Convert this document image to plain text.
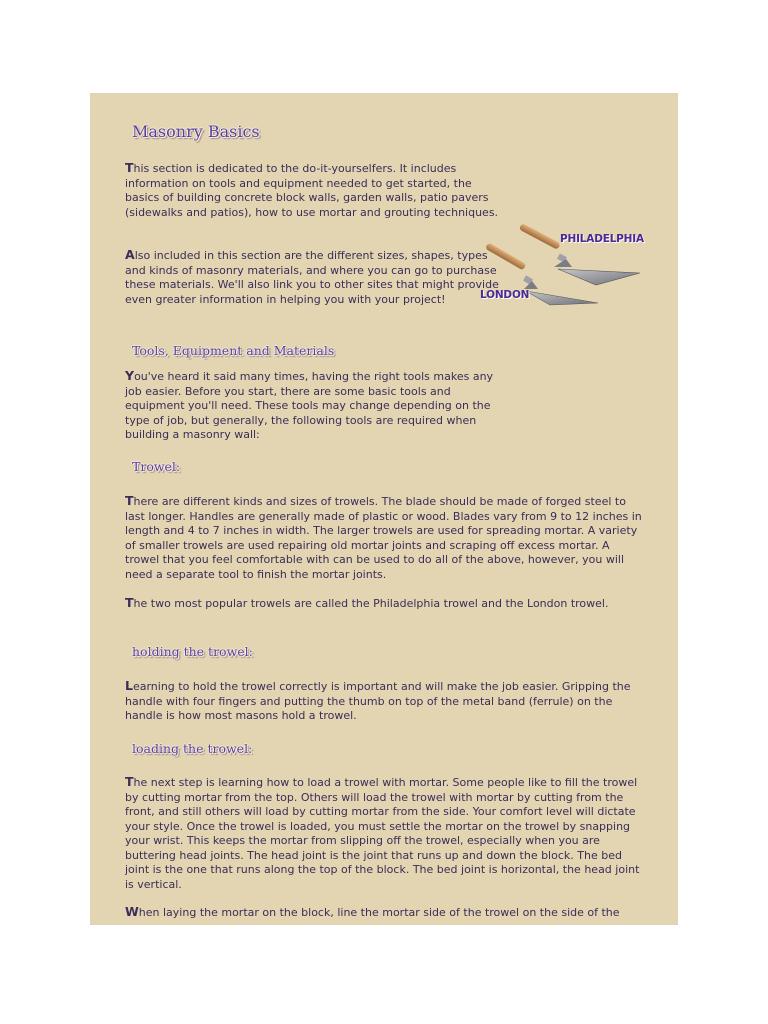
Masonry Basics

This section is dedicated to the do-it-yourselfers. It includes information on tools and equipment needed to get started, the basics of building concrete block walls, garden walls, patio pavers (sidewalks and patios), how to use mortar and grouting techniques.

Also included in this section are the different sizes, shapes, types and kinds of masonry materials, and where you can go to purchase these materials. We'll also link you to other sites that might provide even greater information in helping you with your project!

PHILADELPHIA
LONDON
Tools, Equipment and Materials

You've heard it said many times, having the right tools makes any job easier. Before you start, there are some basic tools and equipment you'll need. These tools may change depending on the type of job, but generally, the following tools are required when building a masonry wall:

Trowel:

There are different kinds and sizes of trowels. The blade should be made of forged steel to last longer. Handles are generally made of plastic or wood. Blades vary from 9 to 12 inches in length and 4 to 7 inches in width. The larger trowels are used for spreading mortar. A variety of smaller trowels are used repairing old mortar joints and scraping off excess mortar. A trowel that you feel comfortable with can be used to do all of the above, however, you will need a separate tool to finish the mortar joints.

The two most popular trowels are called the Philadelphia trowel and the London trowel.

holding the trowel:

Learning to hold the trowel correctly is important and will make the job easier. Gripping the handle with four fingers and putting the thumb on top of the metal band (ferrule) on the handle is how most masons hold a trowel.

loading the trowel:

The next step is learning how to load a trowel with mortar. Some people like to fill the trowel by cutting mortar from the top. Others will load the trowel with mortar by cutting from the front, and still others will load by cutting mortar from the side. Your comfort level will dictate your style. Once the trowel is loaded, you must settle the mortar on the trowel by snapping your wrist. This keeps the mortar from slipping off the trowel, especially when you are buttering head joints. The head joint is the joint that runs up and down the block. The bed joint is the one that runs along the top of the block. The bed joint is horizontal, the head joint is vertical.

When laying the mortar on the block, line the mortar side of the trowel on the side of the
